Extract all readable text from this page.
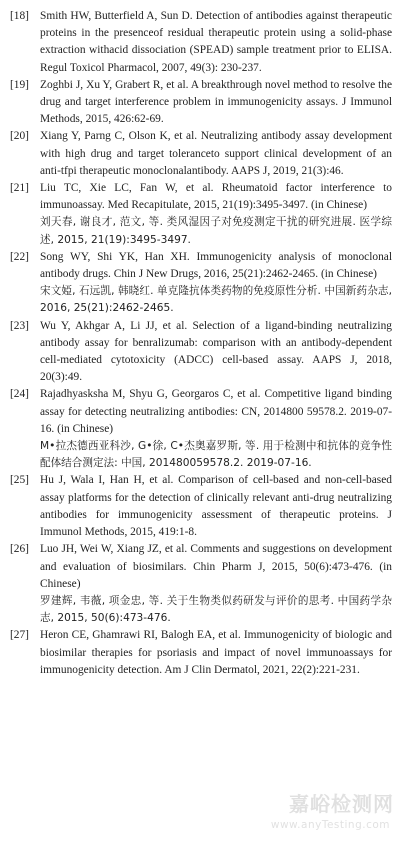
[18] Smith HW, Butterfield A, Sun D. Detection of antibodies against therapeutic proteins in the presenceof residual therapeutic protein using a solid-phase extraction withacid dissociation (SPEAD) sample treatment prior to ELISA. Regul Toxicol Pharmacol, 2007, 49(3): 230-237.
[19] Zoghbi J, Xu Y, Grabert R, et al. A breakthrough novel method to resolve the drug and target interference problem in immunogenicity assays. J Immunol Methods, 2015, 426:62-69.
[20] Xiang Y, Parng C, Olson K, et al. Neutralizing antibody assay development with high drug and target toleranceto support clinical development of an anti-tfpi therapeutic monoclonalantibody. AAPS J, 2019, 21(3):46.
[21] Liu TC, Xie LC, Fan W, et al. Rheumatoid factor interference to immunoassay. Med Recapitulate, 2015, 21(19):3495-3497. (in Chinese)
刘天春, 谢良才, 范文, 等. 类风湿因子对免疫测定干扰的研究进展. 医学综述, 2015, 21(19):3495-3497.
[22] Song WY, Shi YK, Han XH. Immunogenicity analysis of monoclonal antibody drugs. Chin J New Drugs, 2016, 25(21):2462-2465. (in Chinese)
宋文婭, 石远凯, 韩晓红. 单克隆抗体类药物的免疫原性分析. 中国新药杂志, 2016, 25(21):2462-2465.
[23] Wu Y, Akhgar A, Li JJ, et al. Selection of a ligand-binding neutralizing antibody assay for benralizumab: comparison with an antibody-dependent cell-mediated cytotoxicity (ADCC) cell-based assay. AAPS J, 2018, 20(3):49.
[24] Rajadhyasksha M, Shyu G, Georgaros C, et al. Competitive ligand binding assay for detecting neutralizing antibodies: CN, 2014800 59578.2. 2019-07-16. (in Chinese)
M•拉杰德西亚科沙, G•徐, C•杰奥嘉罗斯, 等. 用于检测中和抗体的竞争性配体结合测定法: 中国, 201480059578.2. 2019-07-16.
[25] Hu J, Wala I, Han H, et al. Comparison of cell-based and non-cell-based assay platforms for the detection of clinically relevant anti-drug neutralizing antibodies for immunogenicity assessment of therapeutic proteins. J Immunol Methods, 2015, 419:1-8.
[26] Luo JH, Wei W, Xiang JZ, et al. Comments and suggestions on development and evaluation of biosimilars. Chin Pharm J, 2015, 50(6):473-476. (in Chinese)
罗建辉, 韦薇, 项金忠, 等. 关于生物类似药研发与评价的思考. 中国药学杂志, 2015, 50(6):473-476.
[27] Heron CE, Ghamrawi RI, Balogh EA, et al. Immunogenicity of biologic and biosimilar therapies for psoriasis and impact of novel immunoassays for immunogenicity detection. Am J Clin Dermatol, 2021, 22(2):221-231.
嘉峪检测网
www.anyTesting.com
